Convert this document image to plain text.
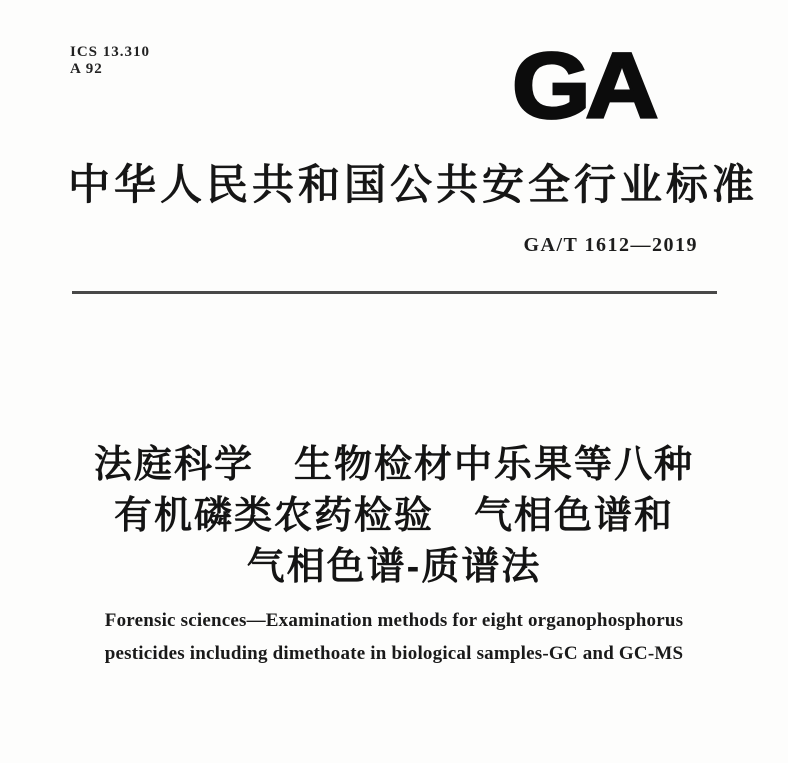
ICS 13.310
A 92	GA
中华人民共和国公共安全行业标准
GA/T 1612—2019
法庭科学　生物检材中乐果等八种
有机磷类农药检验　气相色谱和
气相色谱-质谱法
Forensic sciences—Examination methods for eight organophosphorus
pesticides including dimethoate in biological samples-GC and GC-MS
